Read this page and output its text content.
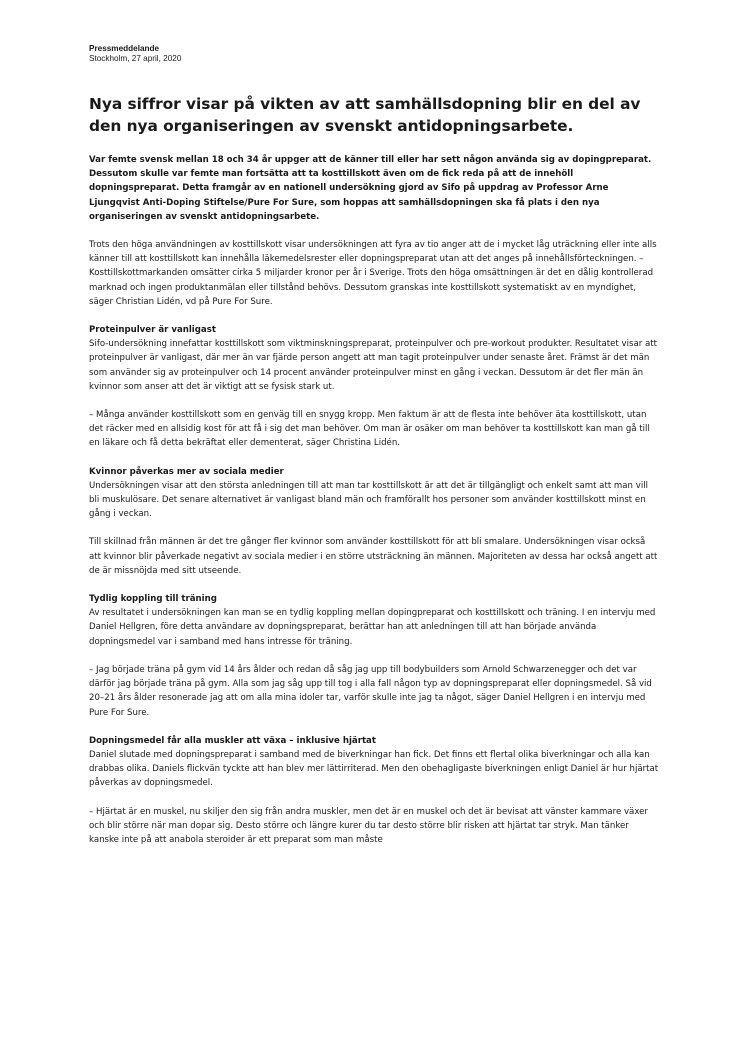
Pressmeddelande

Stockholm, 27 april, 2020

Nya siffror visar på vikten av att samhällsdopning blir en del av den nya organiseringen av svenskt antidopningsarbete.

Var femte svensk mellan 18 och 34 år uppger att de känner till eller har sett någon använda sig av dopingpreparat. Dessutom skulle var femte man fortsätta att ta kosttillskott även om de fick reda på att de innehöll dopningspreparat. Detta framgår av en nationell undersökning gjord av Sifo på uppdrag av Professor Arne Ljungqvist Anti-Doping Stiftelse/Pure For Sure, som hoppas att samhällsdopningen ska få plats i den nya organiseringen av svenskt antidopningsarbete.

Trots den höga användningen av kosttillskott visar undersökningen att fyra av tio anger att de i mycket låg uträckning eller inte alls känner till att kosttillskott kan innehålla läkemedelsrester eller dopningspreparat utan att det anges på innehållsförteckningen. – Kosttillskottmarkanden omsätter cirka 5 miljarder kronor per år i Sverige. Trots den höga omsättningen är det en dålig kontrollerad marknad och ingen produktanmälan eller tillstånd behövs. Dessutom granskas inte kosttillskott systematiskt av en myndighet, säger Christian Lidén, vd på Pure For Sure.

Proteinpulver är vanligast

Sifo-undersökning innefattar kosttillskott som viktminskningspreparat, proteinpulver och pre-workout produkter. Resultatet visar att proteinpulver är vanligast, där mer än var fjärde person angett att man tagit proteinpulver under senaste året. Främst är det män som använder sig av proteinpulver och 14 procent använder proteinpulver minst en gång i veckan. Dessutom är det fler män än kvinnor som anser att det är viktigt att se fysisk stark ut.

– Många använder kosttillskott som en genväg till en snygg kropp. Men faktum är att de flesta inte behöver äta kosttillskott, utan det räcker med en allsidig kost för att få i sig det man behöver. Om man är osäker om man behöver ta kosttillskott kan man gå till en läkare och få detta bekräftat eller dementerat, säger Christina Lidén.

Kvinnor påverkas mer av sociala medier

Undersökningen visar att den största anledningen till att man tar kosttillskott är att det är tillgängligt och enkelt samt att man vill bli muskulösare. Det senare alternativet är vanligast bland män och framförallt hos personer som använder kosttillskott minst en gång i veckan.

Till skillnad från männen är det tre gånger fler kvinnor som använder kosttillskott för att bli smalare. Undersökningen visar också att kvinnor blir påverkade negativt av sociala medier i en större utsträckning än männen. Majoriteten av dessa har också angett att de är missnöjda med sitt utseende.

Tydlig koppling till träning

Av resultatet i undersökningen kan man se en tydlig koppling mellan dopingpreparat och kosttillskott och träning. I en intervju med Daniel Hellgren, före detta användare av dopningspreparat, berättar han att anledningen till att han började använda dopningsmedel var i samband med hans intresse för träning.

– Jag började träna på gym vid 14 års ålder och redan då såg jag upp till bodybuilders som Arnold Schwarzenegger och det var därför jag började träna på gym. Alla som jag såg upp till tog i alla fall någon typ av dopningspreparat eller dopningsmedel. Så vid 20–21 års ålder resonerade jag att om alla mina idoler tar, varför skulle inte jag ta något, säger Daniel Hellgren i en intervju med Pure For Sure.

Dopningsmedel får alla muskler att växa – inklusive hjärtat

Daniel slutade med dopningspreparat i samband med de biverkningar han fick. Det finns ett flertal olika biverkningar och alla kan drabbas olika. Daniels flickvän tyckte att han blev mer lättirriterad. Men den obehagligaste biverkningen enligt Daniel är hur hjärtat påverkas av dopningsmedel.

– Hjärtat är en muskel, nu skiljer den sig från andra muskler, men det är en muskel och det är bevisat att vänster kammare växer och blir större när man dopar sig. Desto större och längre kurer du tar desto större blir risken att hjärtat tar stryk. Man tänker kanske inte på att anabola steroider är ett preparat som man måste
